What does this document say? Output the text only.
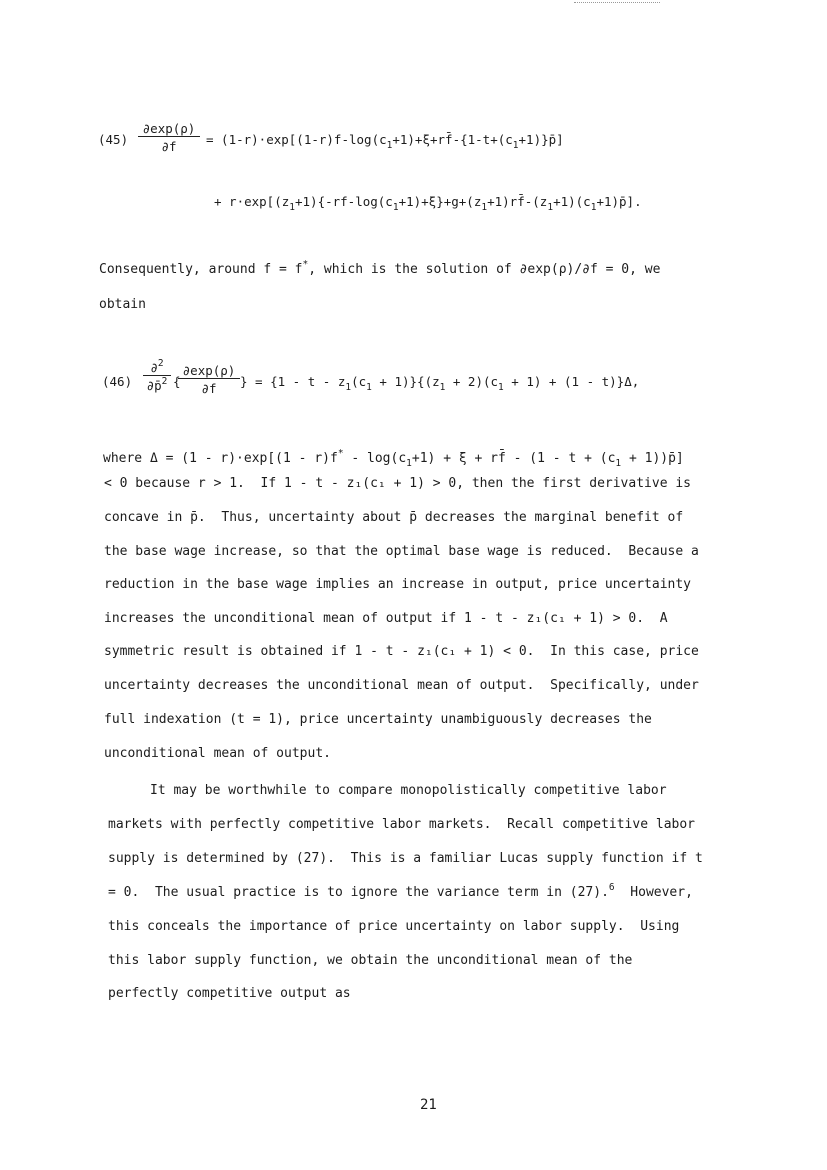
$(45) \frac{\partial\exp(\rho)}{\partial f}$ = $(1-r)\cdot\exp[(1-r)f-\log(c_1+1)+\xi+rf̄-\{1-t+(c_1+1)\}p̄]$
+ $r\cdot\exp[(z_1+1)\{-rf-\log(c_1+1)+\xi\}+g+(z_1+1)rf̄-(z_1+1)(c_1+1)p̄]$.
Consequently, around f = f*, which is the solution of ∂exp(ρ)/∂f = 0, we
obtain
(46)
∂$^2$
∂p̄$^2$ {
$\frac{\partial\exp(\rho)}{\partial f}$ } = $\{1 - t - z_1(c_1 + 1)\}\{(z_1 + 2)(c_1 + 1) + (1 - t)\}\Delta$,
where $\Delta = (1 - r)\cdot\exp[(1 - r)f^* - \log(c_1+1) + \xi$ + rf̄ - ($1 - t + (c_1$ + 1))p̄]
< 0 because r > 1.  If 1 - t - z₁(c₁ + 1) > 0, then the first derivative is
concave in p̄.  Thus, uncertainty about p̄ decreases the marginal benefit of
the base wage increase, so that the optimal base wage is reduced.  Because a
reduction in the base wage implies an increase in output, price uncertainty
increases the unconditional mean of output if 1 - t - z₁(c₁ + 1) > 0.  A
symmetric result is obtained if 1 - t - z₁(c₁ + 1) < 0.  In this case, price
uncertainty decreases the unconditional mean of output.  Specifically, under
full indexation (t = 1), price uncertainty unambiguously decreases the
unconditional mean of output.
It may be worthwhile to compare monopolistically competitive labor
markets with perfectly competitive labor markets.  Recall competitive labor
supply is determined by (27).  This is a familiar Lucas supply function if t
= 0.  The usual practice is to ignore the variance term in (27).$^6$ However,
this conceals the importance of price uncertainty on labor supply.  Using
this labor supply function, we obtain the unconditional mean of the
perfectly competitive output as
21
